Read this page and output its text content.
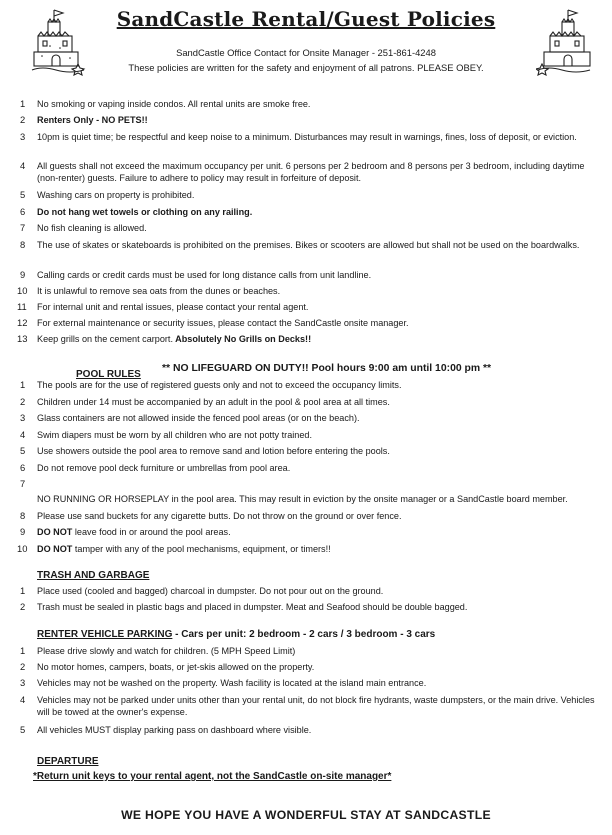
SandCastle Rental/Guest Policies
SandCastle Office Contact for Onsite Manager - 251-861-4248
These policies are written for the safety and enjoyment of all patrons. PLEASE OBEY.
1	No smoking or vaping inside condos. All rental units are smoke free.
2	Renters Only - NO PETS!!
3	10pm is quiet time; be respectful and keep noise to a minimum. Disturbances may result in warnings, fines, loss of deposit, or eviction.
4	All guests shall not exceed the maximum occupancy per unit. 6 persons per 2 bedroom and 8 persons per 3 bedroom, including daytime (non-renter) guests. Failure to adhere to policy may result in forfeiture of deposit.
5	Washing cars on property is prohibited.
6	Do not hang wet towels or clothing on any railing.
7	No fish cleaning is allowed.
8	The use of skates or skateboards is prohibited on the premises. Bikes or scooters are allowed but shall not be used on the boardwalks.
9	Calling cards or credit cards must be used for long distance calls from unit landline.
10 It is unlawful to remove sea oats from the dunes or beaches.
11 For internal unit and rental issues, please contact your rental agent.
12 For external maintenance or security issues, please contact the SandCastle onsite manager.
13 Keep grills on the cement carport. Absolutely No Grills on Decks!!
POOL RULES
** NO LIFEGUARD ON DUTY!! Pool hours 9:00 am until 10:00 pm **
1	The pools are for the use of registered guests only and not to exceed the occupancy limits.
2	Children under 14 must be accompanied by an adult in the pool & pool area at all times.
3	Glass containers are not allowed inside the fenced pool areas (or on the beach).
4	Swim diapers must be worn by all children who are not potty trained.
5	Use showers outside the pool area to remove sand and lotion before entering the pools.
6	Do not remove pool deck furniture or umbrellas from pool area.
7
NO RUNNING OR HORSEPLAY in the pool area. This may result in eviction by the onsite manager or a SandCastle board member.
8	Please use sand buckets for any cigarette butts. Do not throw on the ground or over fence.
9	DO NOT leave food in or around the pool areas.
10 DO NOT tamper with any of the pool mechanisms, equipment, or timers!!
TRASH AND GARBAGE
1	Place used (cooled and bagged) charcoal in dumpster. Do not pour out on the ground.
2	Trash must be sealed in plastic bags and placed in dumpster. Meat and Seafood should be double bagged.
RENTER VEHICLE PARKING - Cars per unit: 2 bedroom - 2 cars / 3 bedroom - 3 cars
1	Please drive slowly and watch for children. (5 MPH Speed Limit)
2	No motor homes, campers, boats, or jet-skis allowed on the property.
3	Vehicles may not be washed on the property. Wash facility is located at the island main entrance.
4	Vehicles may not be parked under units other than your rental unit, do not block fire hydrants, waste dumpsters, or the main drive. Vehicles will be towed at the owner's expense.
5	All vehicles MUST display parking pass on dashboard where visible.
DEPARTURE
*Return unit keys to your rental agent, not the SandCastle on-site manager*
WE HOPE YOU HAVE A WONDERFUL STAY AT SANDCASTLE
